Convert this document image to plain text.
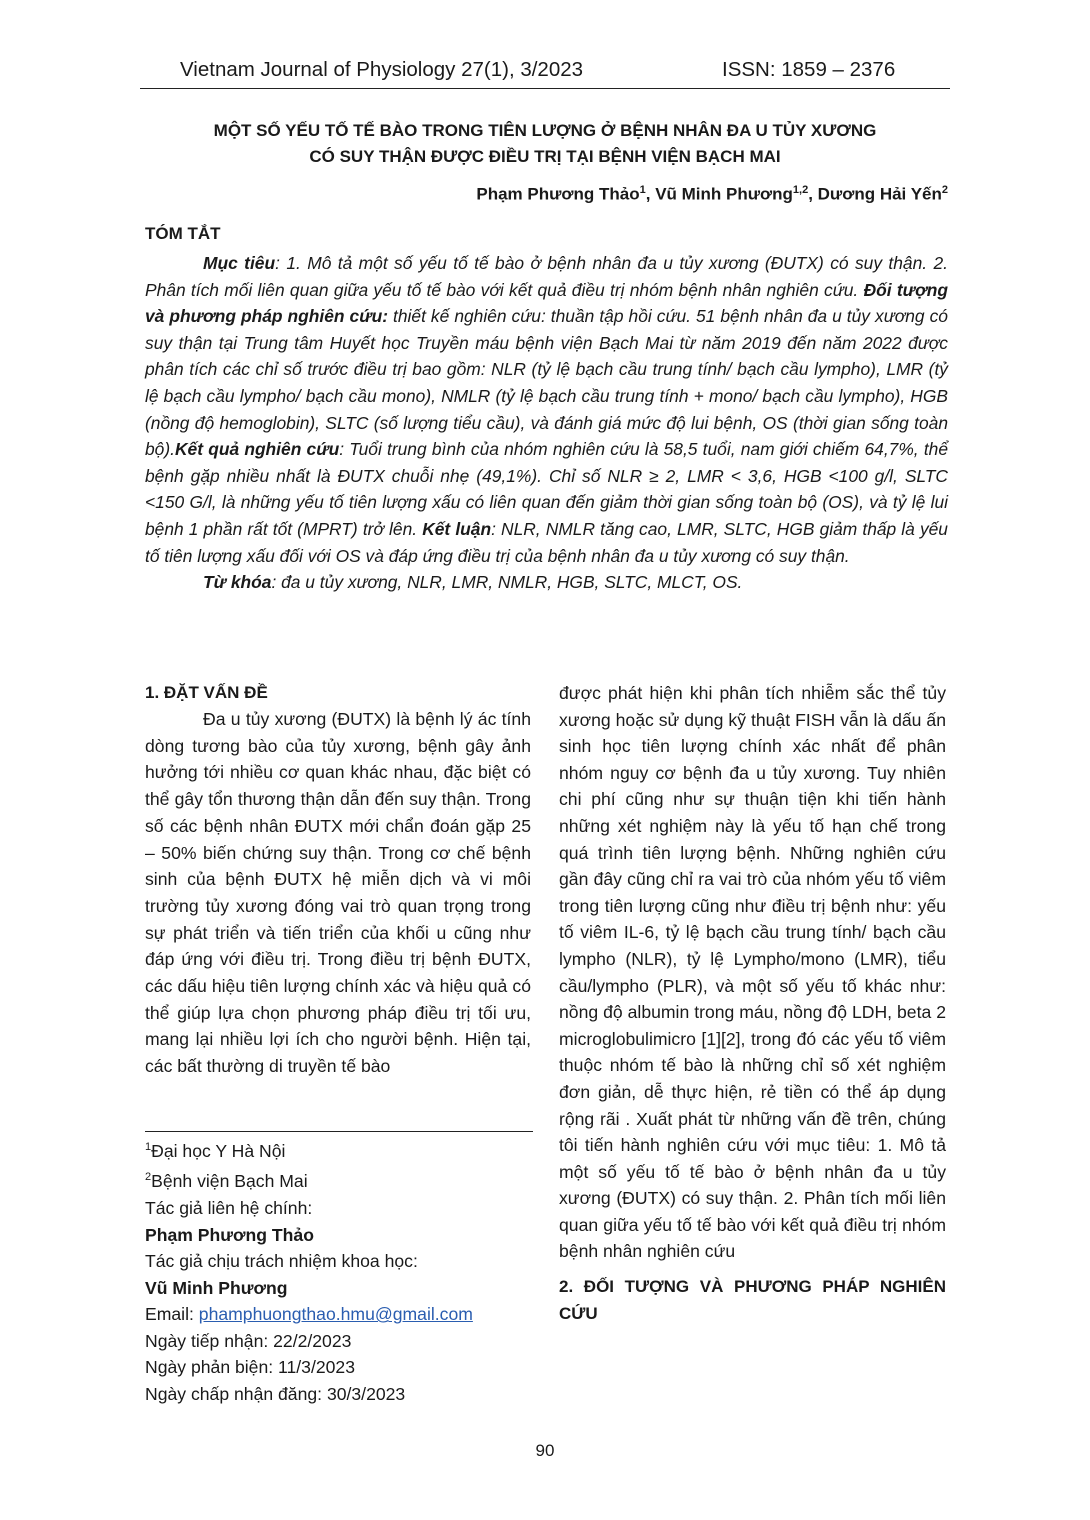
Vietnam Journal of Physiology 27(1), 3/2023	ISSN: 1859 – 2376
MỘT SỐ YẾU TỐ TẾ BÀO TRONG TIÊN LƯỢNG Ở BỆNH NHÂN ĐA U TỦY XƯƠNG
CÓ SUY THẬN ĐƯỢC ĐIỀU TRỊ TẠI BỆNH VIỆN BẠCH MAI
Phạm Phương Thảo$^1$, Vũ Minh Phương$^{1,2}$, Dương Hải Yến$^2$
TÓM TẮT

Mục tiêu: 1. Mô tả một số yếu tố tế bào ở bệnh nhân đa u tủy xương (ĐUTX) có suy thận. 2. Phân tích mối liên quan giữa yếu tố tế bào với kết quả điều trị nhóm bệnh nhân nghiên cứu. Đối tượng và phương pháp nghiên cứu: thiết kế nghiên cứu: thuần tập hồi cứu. 51 bệnh nhân đa u tủy xương có suy thận tại Trung tâm Huyết học Truyền máu bệnh viện Bạch Mai từ năm 2019 đến năm 2022 được phân tích các chỉ số trước điều trị bao gồm: NLR (tỷ lệ bạch cầu trung tính/ bạch cầu lympho), LMR (tỷ lệ bạch cầu lympho/ bạch cầu mono), NMLR (tỷ lệ bạch cầu trung tính + mono/ bạch cầu lympho), HGB (nồng độ hemoglobin), SLTC (số lượng tiểu cầu), và đánh giá mức độ lui bệnh, OS (thời gian sống toàn bộ).Kết quả nghiên cứu: Tuổi trung bình của nhóm nghiên cứu là 58,5 tuổi, nam giới chiếm 64,7%, thể bệnh gặp nhiều nhất là ĐUTX chuỗi nhẹ (49,1%). Chỉ số NLR ≥ 2, LMR < 3,6, HGB <100 g/l, SLTC <150 G/l, là những yếu tố tiên lượng xấu có liên quan đến giảm thời gian sống toàn bộ (OS), và tỷ lệ lui bệnh 1 phần rất tốt (MPRT) trở lên. Kết luận: NLR, NMLR tăng cao, LMR, SLTC, HGB giảm thấp là yếu tố tiên lượng xấu đối với OS và đáp ứng điều trị của bệnh nhân đa u tủy xương có suy thận.

Từ khóa: đa u tủy xương, NLR, LMR, NMLR, HGB, SLTC, MLCT, OS.

1. ĐẶT VẤN ĐỀ

Đa u tủy xương (ĐUTX) là bệnh lý ác tính dòng tương bào của tủy xương, bệnh gây ảnh hưởng tới nhiều cơ quan khác nhau, đặc biệt có thể gây tổn thương thận dẫn đến suy thận. Trong số các bệnh nhân ĐUTX mới chẩn đoán gặp 25 – 50% biến chứng suy thận. Trong cơ chế bệnh sinh của bệnh ĐUTX hệ miễn dịch và vi môi trường tủy xương đóng vai trò quan trọng trong sự phát triển và tiến triển của khối u cũng như đáp ứng với điều trị. Trong điều trị bệnh ĐUTX, các dấu hiệu tiên lượng chính xác và hiệu quả có thể giúp lựa chọn phương pháp điều trị tối ưu, mang lại nhiều lợi ích cho người bệnh. Hiện tại, các bất thường di truyền tế bào

$^1$Đại học Y Hà Nội
$^2$Bệnh viện Bạch Mai
Tác giả liên hệ chính:
Phạm Phương Thảo
Tác giả chịu trách nhiệm khoa học:
Vũ Minh Phương
Email: phamphuongthao.hmu@gmail.com
Ngày tiếp nhận: 22/2/2023
Ngày phản biện: 11/3/2023
Ngày chấp nhận đăng: 30/3/2023

được phát hiện khi phân tích nhiễm sắc thể tủy xương hoặc sử dụng kỹ thuật FISH vẫn là dấu ấn sinh học tiên lượng chính xác nhất để phân nhóm nguy cơ bệnh đa u tủy xương. Tuy nhiên chi phí cũng như sự thuận tiện khi tiến hành những xét nghiệm này là yếu tố hạn chế trong quá trình tiên lượng bệnh. Những nghiên cứu gần đây cũng chỉ ra vai trò của nhóm yếu tố viêm trong tiên lượng cũng như điều trị bệnh như: yếu tố viêm IL-6, tỷ lệ bạch cầu trung tính/ bạch cầu lympho (NLR), tỷ lệ Lympho/mono (LMR), tiểu cầu/lympho (PLR), và một số yếu tố khác như: nồng độ albumin trong máu, nồng độ LDH, beta 2 microglobulimicro [1][2], trong đó các yếu tố viêm thuộc nhóm tế bào là những chỉ số xét nghiệm đơn giản, dễ thực hiện, rẻ tiền có thể áp dụng rộng rãi . Xuất phát từ những vấn đề trên, chúng tôi tiến hành nghiên cứu với mục tiêu: 1. Mô tả một số yếu tố tế bào ở bệnh nhân đa u tủy xương (ĐUTX) có suy thận. 2. Phân tích mối liên quan giữa yếu tố tế bào với kết quả điều trị nhóm bệnh nhân nghiên cứu

2. ĐỐI TƯỢNG VÀ PHƯƠNG PHÁP NGHIÊN CỨU
90
